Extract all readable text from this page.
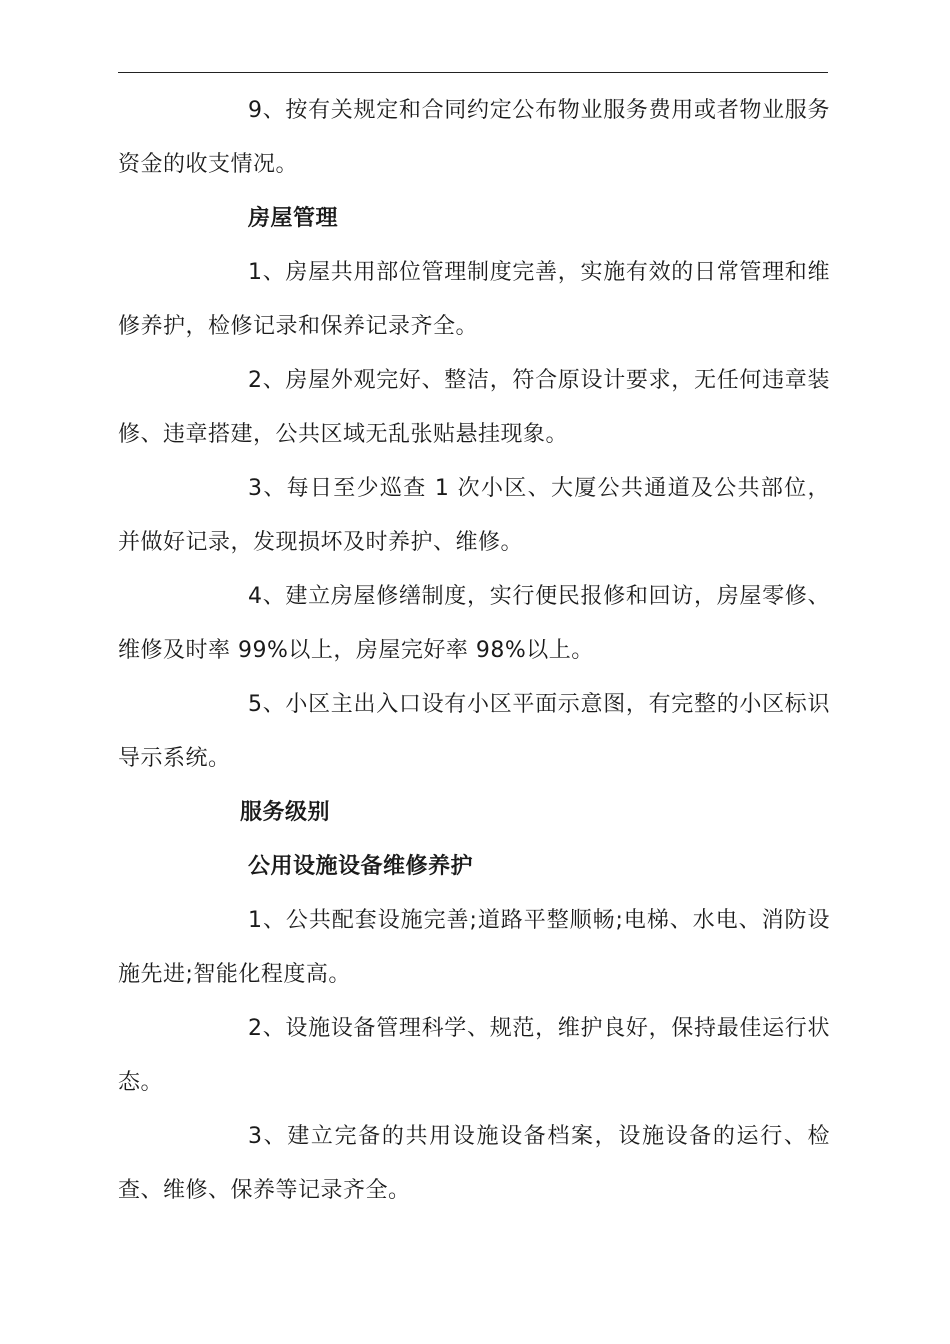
9、按有关规定和合同约定公布物业服务费用或者物业服务资金的收支情况。

房屋管理

1、房屋共用部位管理制度完善，实施有效的日常管理和维修养护，检修记录和保养记录齐全。

2、房屋外观完好、整洁，符合原设计要求，无任何违章装修、违章搭建，公共区域无乱张贴悬挂现象。

3、每日至少巡查 1 次小区、大厦公共通道及公共部位，并做好记录，发现损坏及时养护、维修。

4、建立房屋修缮制度，实行便民报修和回访，房屋零修、维修及时率 99%以上，房屋完好率 98%以上。

5、小区主出入口设有小区平面示意图，有完整的小区标识导示系统。

服务级别

公用设施设备维修养护

1、公共配套设施完善;道路平整顺畅;电梯、水电、消防设施先进;智能化程度高。

2、设施设备管理科学、规范，维护良好，保持最佳运行状态。

3、建立完备的共用设施设备档案，设施设备的运行、检查、维修、保养等记录齐全。
